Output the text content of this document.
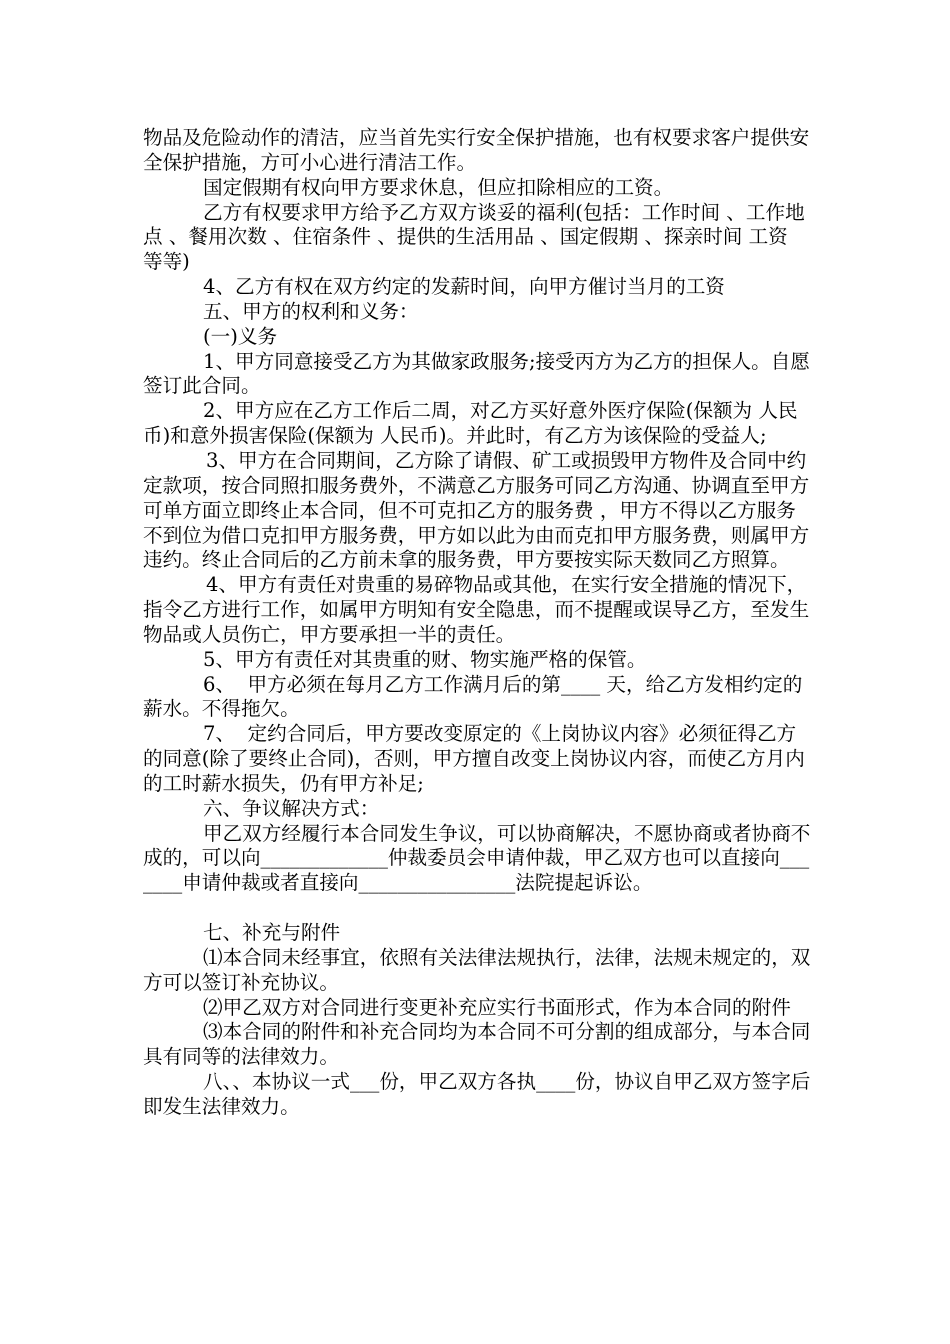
物品及危险动作的清洁，应当首先实行安全保护措施，也有权要求客户提供安全保护措施，方可小心进行清洁工作。

国定假期有权向甲方要求休息，但应扣除相应的工资。

乙方有权要求甲方给予乙方双方谈妥的福利(包括：工作时间 、工作地点 、餐用次数 、住宿条件 、提供的生活用品 、国定假期 、探亲时间 工资 等等)

4、乙方有权在双方约定的发薪时间，向甲方催讨当月的工资

五、甲方的权利和义务：

(一)义务

1、甲方同意接受乙方为其做家政服务;接受丙方为乙方的担保人。自愿签订此合同。

2、甲方应在乙方工作后二周，对乙方买好意外医疗保险(保额为 人民币)和意外损害保险(保额为 人民币)。并此时，有乙方为该保险的受益人;

3、甲方在合同期间，乙方除了请假、矿工或损毁甲方物件及合同中约定款项，按合同照扣服务费外，不满意乙方服务可同乙方沟通、协调直至甲方可单方面立即终止本合同，但不可克扣乙方的服务费 ，甲方不得以乙方服务不到位为借口克扣甲方服务费，甲方如以此为由而克扣甲方服务费，则属甲方违约。终止合同后的乙方前未拿的服务费，甲方要按实际天数同乙方照算。

4、甲方有责任对贵重的易碎物品或其他，在实行安全措施的情况下，指令乙方进行工作，如属甲方明知有安全隐患，而不提醒或误导乙方，至发生物品或人员伤亡，甲方要承担一半的责任。

5、甲方有责任对其贵重的财、物实施严格的保管。

6、  甲方必须在每月乙方工作满月后的第____ 天，给乙方发相约定的薪水。不得拖欠。

7、  定约合同后，甲方要改变原定的《上岗协议内容》必须征得乙方的同意(除了要终止合同)，否则，甲方擅自改变上岗协议内容，而使乙方月内的工时薪水损失，仍有甲方补足;

六、争议解决方式：

甲乙双方经履行本合同发生争议，可以协商解决，不愿协商或者协商不成的，可以向_____________仲裁委员会申请仲裁，甲乙双方也可以直接向_______申请仲裁或者直接向________________法院提起诉讼。

七、补充与附件

⑴本合同未经事宜，依照有关法律法规执行，法律，法规未规定的，双方可以签订补充协议。

⑵甲乙双方对合同进行变更补充应实行书面形式，作为本合同的附件

⑶本合同的附件和补充合同均为本合同不可分割的组成部分，与本合同具有同等的法律效力。

八、、本协议一式___份，甲乙双方各执____份，协议自甲乙双方签字后即发生法律效力。
